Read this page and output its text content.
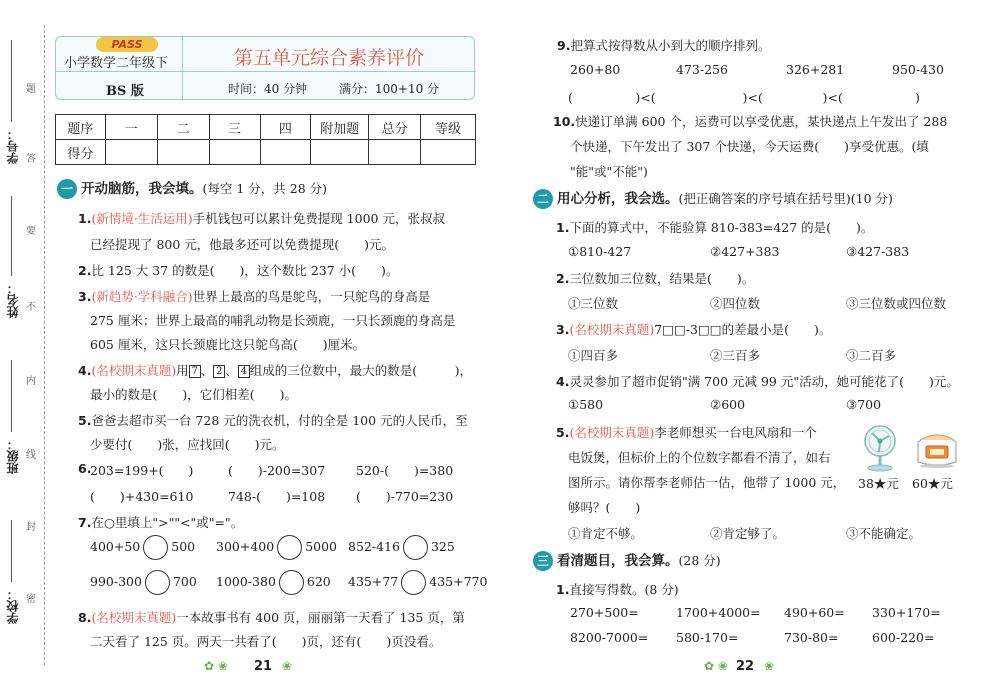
学校：
班级：
姓名：
学号：
题
答
要
不
内
线
封
密
PASS
小学数学二年级下
BS 版
第五单元综合素养评价
时间：40 分钟	满分：100+10 分
题序	一	二	三	四	附加题	总分	等级
得分							
一 开动脑筋，我会填。(每空 1 分，共 28 分)
1.(新情境·生活运用)手机钱包可以累计免费提现 1000 元，张叔叔
已经提现了 800 元，他最多还可以免费提现(　　)元。
2.比 125 大 37 的数是(　　)，这个数比 237 小(　　)。
3.(新趋势·学科融合)世界上最高的鸟是鸵鸟，一只鸵鸟的身高是
275 厘米；世界上最高的哺乳动物是长颈鹿，一只长颈鹿的身高是
605 厘米，这只长颈鹿比这只鸵鸟高(　　)厘米。
4.(名校期末真题)用 7 、 2 、 4 组成的三位数中，最大的数是(　　　)，
最小的数是(　　)，它们相差(　　)。
5.爸爸去超市买一台 728 元的洗衣机，付的全是 100 元的人民币，至
少要付(　　)张，应找回(　　)元。
6.
203=199+(　　)	(　　)-200=307 520-(　　)=380
(　　)+430=610	748-(　　)=108 (　　)-770=230
7.在○里填上">""<"或"="。
400+50 500 300+400 5000 852-416 325
990-300 700 1000-380 620 435+77 435+770
8.(名校期末真题)一本故事书有 400 页，丽丽第一天看了 135 页，第
二天看了 125 页。两天一共看了(　　)页，还有(　　)页没看。
✿ ❀ 21 ❀
9.把算式按得数从小到大的顺序排列。
260+80	473-256	326+281	950-430
(　　　　　)<( 　　　　　)<(
　　　　　)<(
　　　　　　)
10.快递订单满 600 个，运费可以享受优惠，某快递点上午发出了 288
个快递，下午发出了 307 个快递，今天运费(　　)享受优惠。(填
"能"或"不能")
二 用心分析，我会选。(把正确答案的序号填在括号里)(10 分)
1.下面的算式中，不能验算 810-383=427 的是(　　)。
①810-427	②427+383	③427-383
2.三位数加三位数，结果是(　　)。
①三位数	②四位数	③三位数或四位数
3.(名校期末真题)7□□-3□□的差最小是(　　)。
①四百多	②三百多	③二百多
4.灵灵参加了超市促销"满 700 元减 99 元"活动，她可能花了(　　)元。
①580	②600	③700
5.(名校期末真题)李老师想买一台电风扇和一个
电饭煲，但标价上的个位数字都看不清了，如右
图所示。请你帮李老师估一估，他带了 1000 元，
够吗？(　　)
①肯定不够。	②肯定够了。	③不能确定。
38★元 60★元
三 看清题目，我会算。(28 分)
1.直接写得数。(8 分)
270+500=	1700+4000= 490+60= 330+170=
8200-7000= 580-170=	730-80=	600-220=
✿ ❀ 22 ❀
